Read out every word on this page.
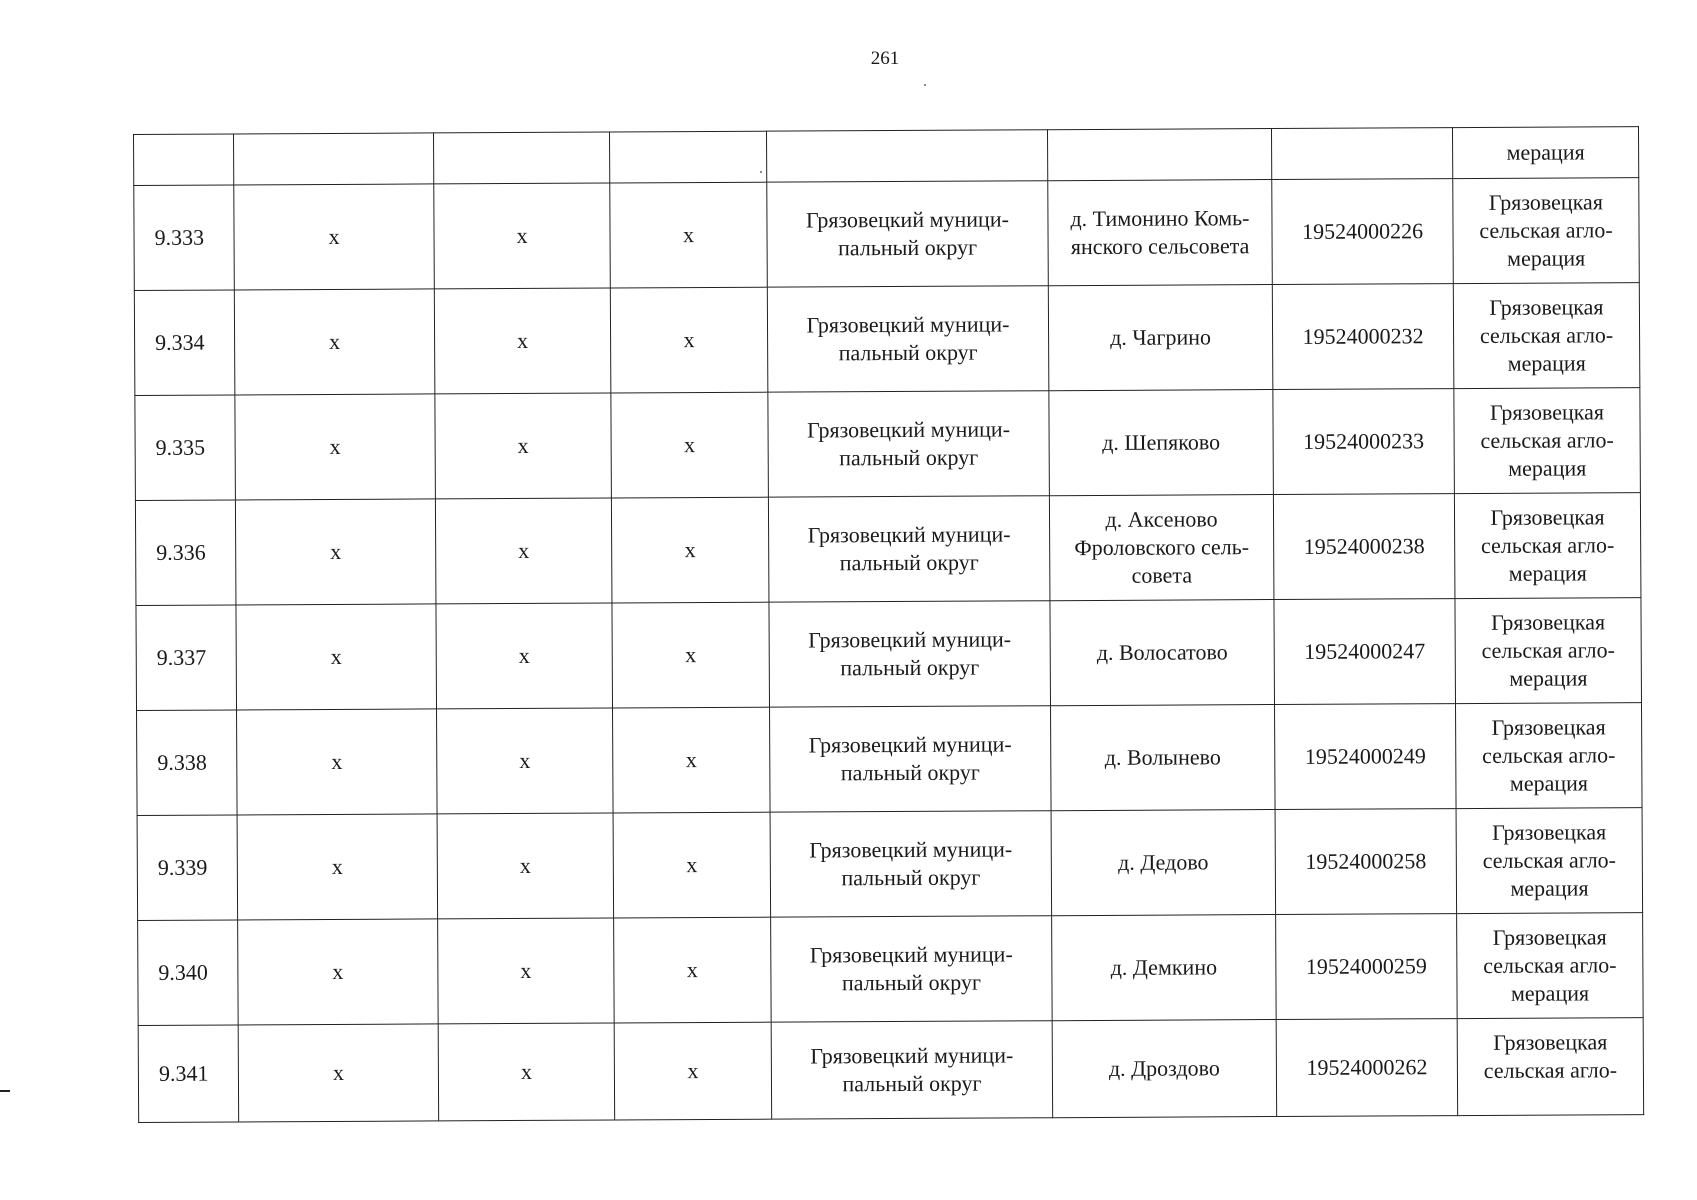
261
							мерация
9.333	x	x	x	Грязовецкий муници-пальный округ	д. Тимонино Комь-янского сельсовета	19524000226	Грязовецкая сельская агло-мерация
9.334	x	x	x	Грязовецкий муници-пальный округ	д. Чагрино	19524000232	Грязовецкая сельская агло-мерация
9.335	x	x	x	Грязовецкий муници-пальный округ	д. Шепяково	19524000233	Грязовецкая сельская агло-мерация
9.336	x	x	x	Грязовецкий муници-пальный округ	д. Аксеново Фроловского сель-совета	19524000238	Грязовецкая сельская агло-мерация
9.337	x	x	x	Грязовецкий муници-пальный округ	д. Волосатово	19524000247	Грязовецкая сельская агло-мерация
9.338	x	x	x	Грязовецкий муници-пальный округ	д. Волынево	19524000249	Грязовецкая сельская агло-мерация
9.339	x	x	x	Грязовецкий муници-пальный округ	д. Дедово	19524000258	Грязовецкая сельская агло-мерация
9.340	x	x	x	Грязовецкий муници-пальный округ	д. Демкино	19524000259	Грязовецкая сельская агло-мерация
9.341	x	x	x	Грязовецкий муници-пальный округ	д. Дроздово	19524000262	Грязовецкая сельская агло-
